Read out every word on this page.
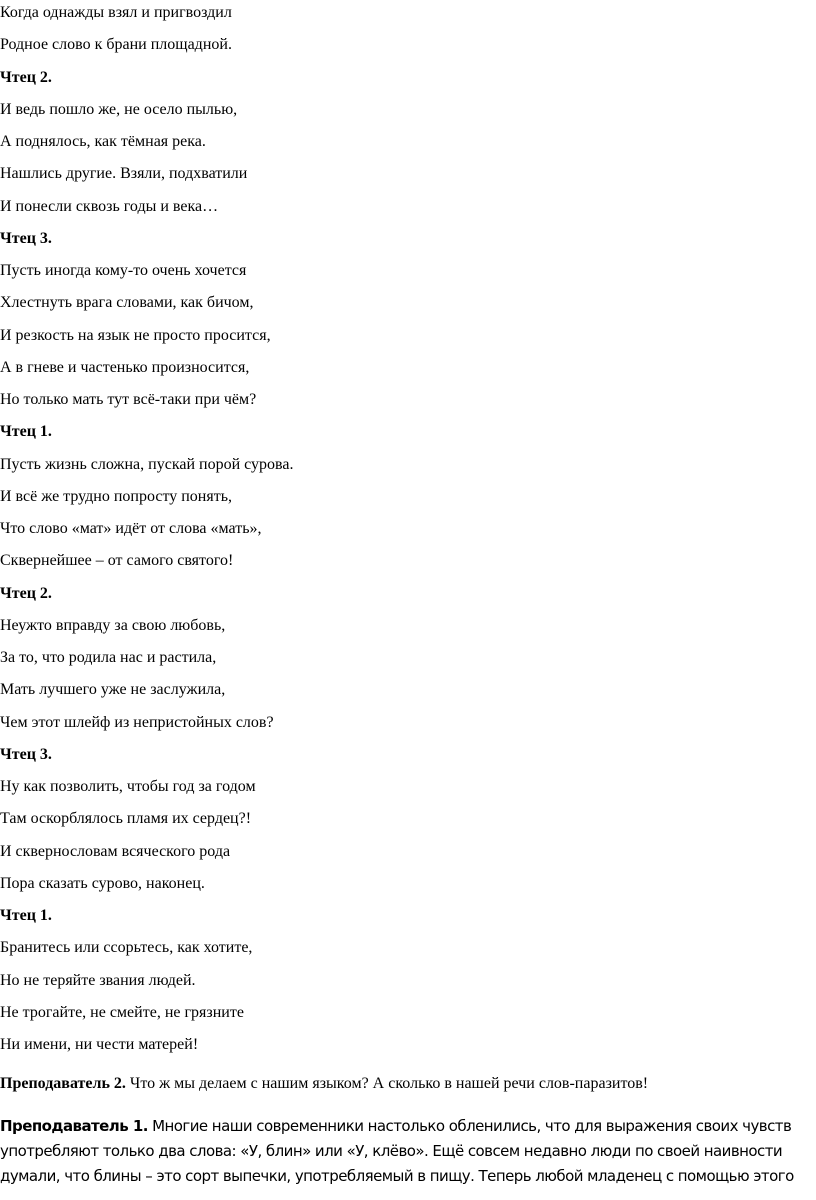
Когда однажды взял и пригвоздил
Родное слово к брани площадной.
Чтец 2.
И ведь пошло же, не осело пылью,
А поднялось, как тёмная река.
Нашлись другие. Взяли, подхватили
И понесли сквозь годы и века…
Чтец 3.
Пусть иногда кому-то очень хочется
Хлестнуть врага словами, как бичом,
И резкость на язык не просто просится,
А в гневе и частенько произносится,
Но только мать тут всё-таки при чём?
Чтец 1.
Пусть жизнь сложна, пускай порой сурова.
И всё же трудно попросту понять,
Что слово «мат» идёт от слова «мать»,
Сквернейшее – от самого святого!
Чтец 2.
Неужто вправду за свою любовь,
За то, что родила нас и растила,
Мать лучшего уже не заслужила,
Чем этот шлейф из непристойных слов?
Чтец 3.
Ну как позволить, чтобы год за годом
Там оскорблялось пламя их сердец?!
И сквернословам всяческого рода
Пора сказать сурово, наконец.
Чтец 1.
Бранитесь или ссорьтесь, как хотите,
Но не теряйте звания людей.
Не трогайте, не смейте, не грязните
Ни имени, ни чести матерей!
Преподаватель 2. Что ж мы делаем с нашим языком? А сколько в нашей речи слов-паразитов!
Преподаватель 1. Многие наши современники настолько обленились, что для выражения своих чувств
употребляют только два слова: «У, блин» или «У, клёво». Ещё совсем недавно люди по своей наивности
думали, что блины – это сорт выпечки, употребляемый в пищу. Теперь любой младенец с помощью этого
